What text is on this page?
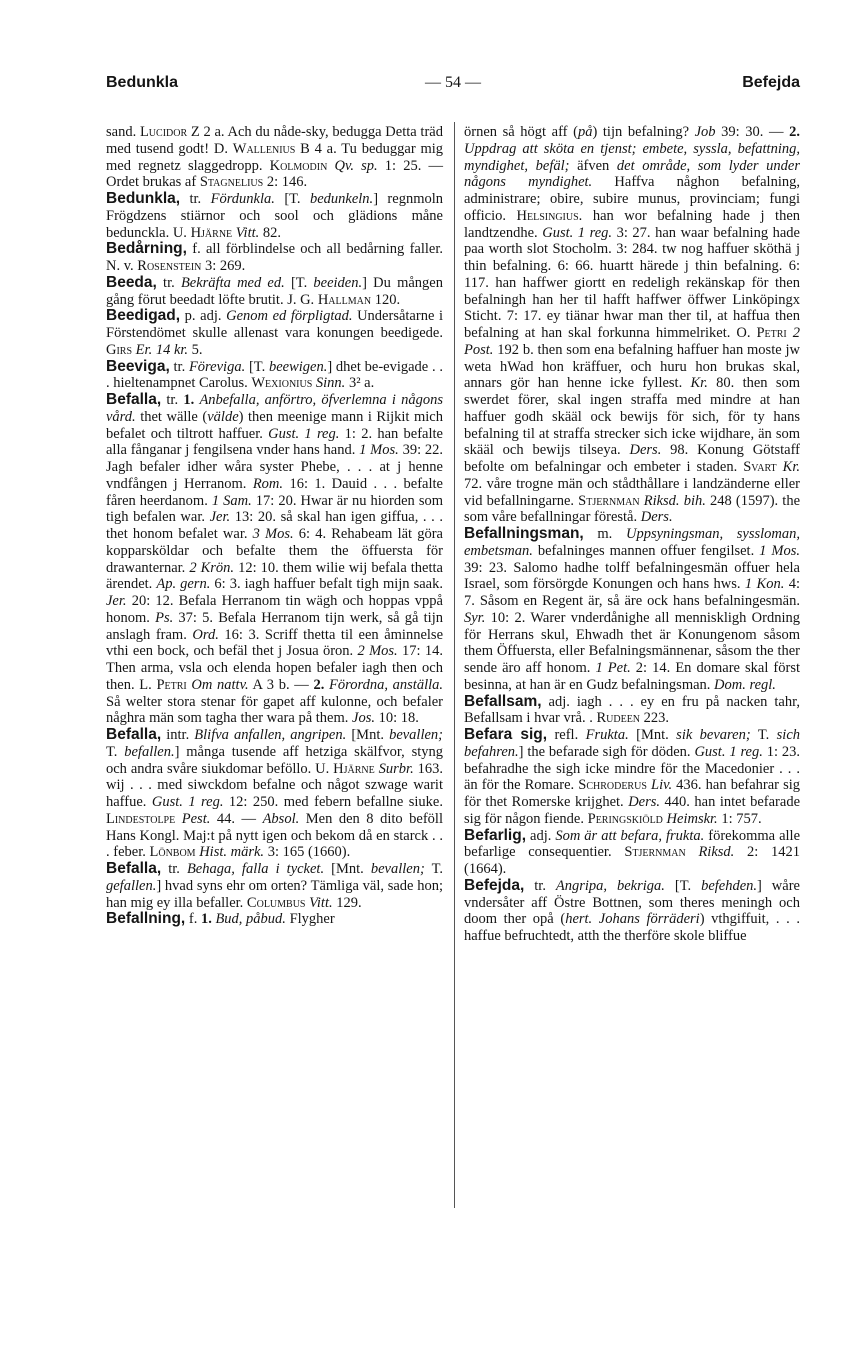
Bedunkla	— 54 —	Befejda

sand. Lucidor Z 2 a. Ach du nåde-sky, bedugga Detta träd med tusend godt! D. Wallenius B 4 a. Tu beduggar mig med regnetz slaggedropp. Kolmodin Qv. sp. 1: 25. — Ordet brukas af Stagnelius 2: 146.

Bedunkla, tr. Fördunkla. [T. bedunkeln.] regnmoln Frögdzens stiärnor och sool och glädions måne beduncklа. U. Hjärne Vitt. 82.

Bedårning, f. all förblindelse och all bedårning faller. N. v. Rosenstein 3: 269.

Beeda, tr. Bekräfta med ed. [T. beeiden.] Du mången gång förut beedadt löfte brutit. J. G. Hallman 120.

Beedigad, p. adj. Genom ed förpligtad. Undersåtarne i Förstendömet skulle allenast vara konungen beedigede. Girs Er. 14 kr. 5.

Beeviga, tr. Föreviga. [T. beewigen.] dhet be-evigade . . . hieltenampnet Carolus. Wexionius Sinn. 3² a.

Befalla, tr. 1. Anbefalla, anförtro, öfverlemna i någons vård. thet wälle (välde) then meenige mann i Rijkit mich befalet och tiltrott haffuer. Gust. 1 reg. 1: 2. han befalte alla fånganar j fengilsena vnder hans hand. 1 Mos. 39: 22. Jagh befaler idher wåra syster Phebe, . . . at j henne vndfången j Herranom. Rom. 16: 1. Dauid . . . befalte fåren heerdanom. 1 Sam. 17: 20. Hwar är nu hiorden som tigh befalen war. Jer. 13: 20. så skal han igen giffua, . . . thet honom befalet war. 3 Mos. 6: 4. Rehabeam lät göra kopparsköldar och befalte them the öffuersta för drawanternar. 2 Krön. 12: 10. them wilie wij befala thetta ärendet. Ap. gern. 6: 3. iagh haffuer befalt tigh mijn saak. Jer. 20: 12. Befala Herranom tin wägh och hoppas vppå honom. Ps. 37: 5. Befala Herranom tijn werk, så gå tijn anslagh fram. Ord. 16: 3. Scriff thetta til een åminnelse vthi een bock, och befäl thet j Josua öron. 2 Mos. 17: 14. Then arma, vsla och elenda hopen befaler iagh then och then. L. Petri Om nattv. A 3 b. — 2. Förordna, anställa. Så welter stora stenar för gapet aff kulonne, och befaler någhra män som tagha ther wara på them. Jos. 10: 18.

Befalla, intr. Blifva anfallen, angripen. [Mnt. bevallen; T. befallen.] många tusende aff hetziga skälfvor, styng och andra svåre siukdomar beföllo. U. Hjärne Surbr. 163. wij . . . med siwckdom befalne och något szwage warit haffue. Gust. 1 reg. 12: 250. med febern befallne siuke. Lindestolpe Pest. 44. — Absol. Men den 8 dito beföll Hans Kongl. Maj:t på nytt igen och bekom då en starck . . . feber. Lönbom Hist. märk. 3: 165 (1660).

Befalla, tr. Behaga, falla i tycket. [Mnt. bevallen; T. gefallen.] hvad syns ehr om orten? Tämliga väl, sade hon; han mig ey illa befaller. Columbus Vitt. 129.

Befallning, f. 1. Bud, påbud. Flygher

örnen så högt aff (på) tijn befalning? Job 39: 30. — 2. Uppdrag att sköta en tjenst; embete, syssla, befattning, myndighet, befäl; äfven det område, som lyder under någons myndighet. Haffva någhon befalning, administrare; obire, subire munus, provinciam; fungi officio. Helsingius. han wor befalning hade j then landtzendhe. Gust. 1 reg. 3: 27. han waar befalning hade paa worth slot Stocholm. 3: 284. tw nog haffuer sköthä j thin befalning. 6: 66. huartt härede j thin befalning. 6: 117. han haffwer giortt en redeligh rekänskap för then befalningh han her til hafft haffwer öffwer Linköpingx Sticht. 7: 17. ey tiänar hwar man ther til, at haffua then befalning at han skal forkunna himmelriket. O. Petri 2 Post. 192 b. then som ena befalning haffuer han moste jw weta hWad hon kräffuer, och huru hon brukas skal, annars gör han henne icke fyllest. Kr. 80. then som swerdet förer, skal ingen straffa med mindre at han haffuer godh skääl ock bewijs för sich, för ty hans befalning til at straffa strecker sich icke wijdhare, än som skääl och bewijs tilseya. Ders. 98. Konung Götstaff befolte om befalningar och embeter i staden. Svart Kr. 72. våre trogne män och stådthållare i landzänderne eller vid befallningarne. Stjernman Riksd. bih. 248 (1597). the som våre befallningar förestå. Ders.

Befallningsman, m. Uppsyningsman, sysslоman, embetsman. befalninges mannen offuer fengilset. 1 Mos. 39: 23. Salomo hadhe tolff befalningesmän offuer hela Israel, som försörgde Konungen och hans hws. 1 Kon. 4: 7. Såsom en Regent är, så äre ock hans befalningesmän. Syr. 10: 2. Warer vnderdånighe all menniskligh Ordning för Herrans skul, Ehwadh thet är Konungenom såsom them Öffuersta, eller Befalningsmännenar, såsom the ther sende äro aff honom. 1 Pet. 2: 14. En domare skal först besinna, at han är en Gudz befalningsman. Dom. regl.

Befallsam, adj. iagh . . . ey en fru på nacken tahr, Befallsam i hvar vrå. . Rudeen 223.

Befara sig, refl. Frukta. [Mnt. sik bevaren; T. sich befahren.] the befarade sigh för döden. Gust. 1 reg. 1: 23. befahradhe the sigh icke mindre för the Macedonier . . . än för the Romare. Schroderus Liv. 436. han befahrar sig för thet Romerske krijghet. Ders. 440. han intet befarade sig för någon fiende. Peringskiöld Heimskr. 1: 757.

Befarlig, adj. Som är att befara, frukta. förekomma alle befarlige consequentier. Stjernman Riksd. 2: 1421 (1664).

Befejda, tr. Angripa, bekriga. [T. befehden.] wåre vndersåter aff Östre Bottnen, som theres meningh och doom ther opå (hert. Johans förräderi) vthgiffuit, . . . haffue befruchtedt, atth the therföre skole bliffue
